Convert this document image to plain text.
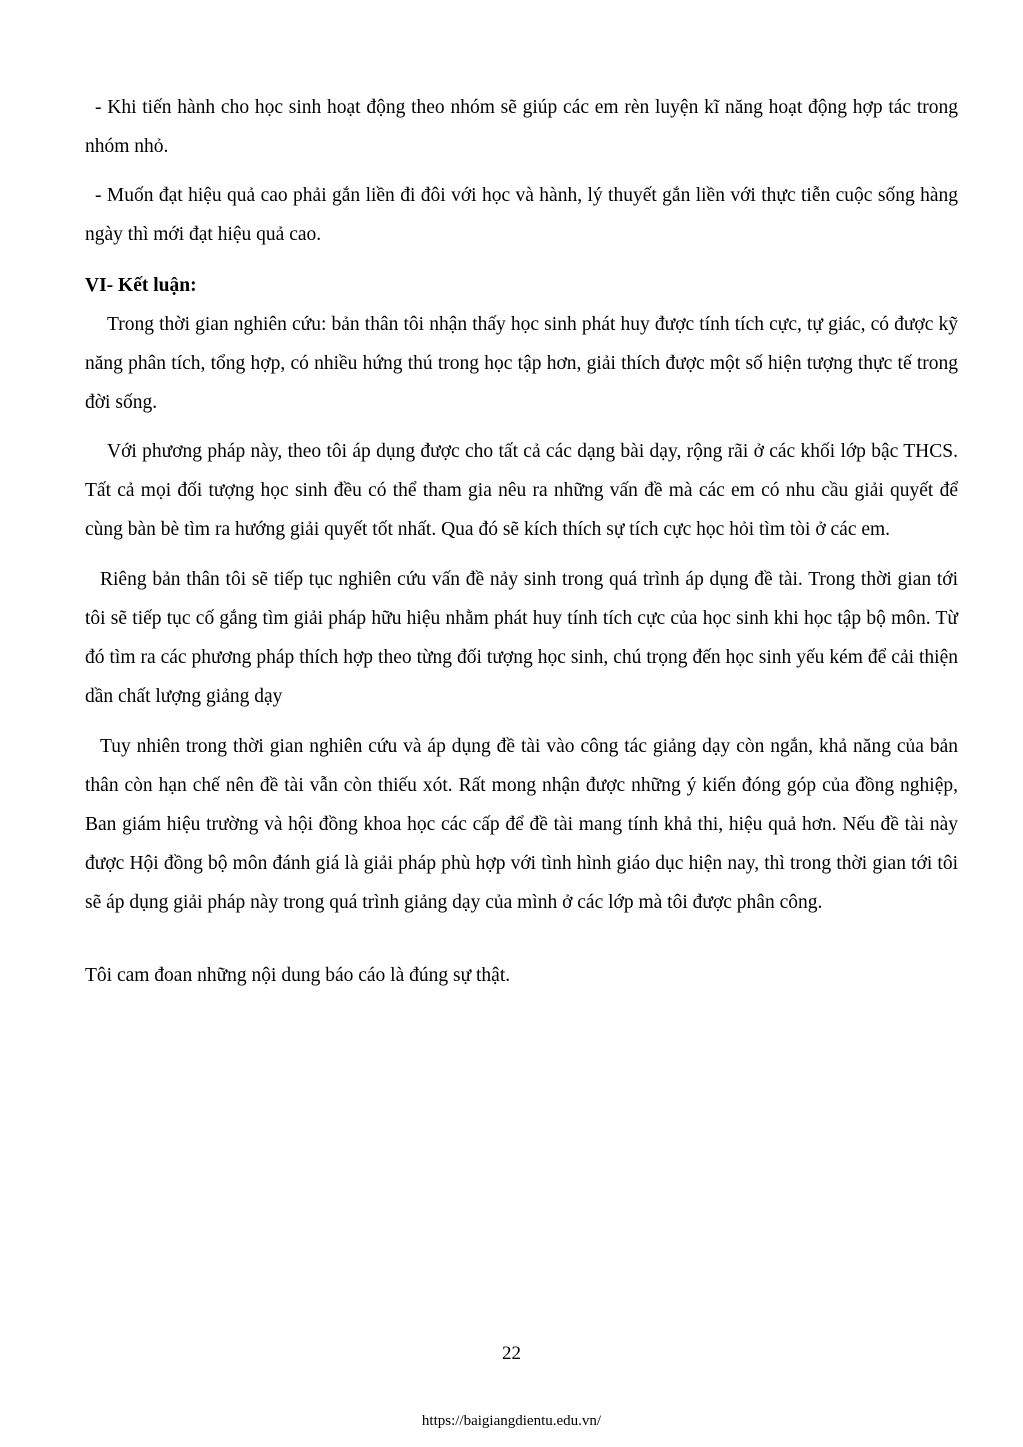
- Khi tiến hành cho học sinh hoạt động theo nhóm sẽ giúp các em rèn luyện kĩ năng hoạt động hợp tác trong nhóm nhỏ.

- Muốn đạt hiệu quả cao phải gắn liền đi đôi với học và hành, lý thuyết gắn liền với thực tiễn cuộc sống hàng ngày thì mới đạt hiệu quả cao.

VI- Kết luận:

Trong thời gian nghiên cứu: bản thân tôi nhận thấy học sinh phát huy được tính tích cực, tự giác, có được kỹ năng phân tích, tổng hợp, có nhiều hứng thú trong học tập hơn, giải thích được một số hiện tượng thực tế trong đời sống.

Với phương pháp này, theo tôi áp dụng được cho tất cả các dạng bài dạy, rộng rãi ở các khối lớp bậc THCS. Tất cả mọi đối tượng học sinh đều có thể tham gia nêu ra những vấn đề mà các em có nhu cầu giải quyết để cùng bàn bè tìm ra hướng giải quyết tốt nhất. Qua đó sẽ kích thích sự tích cực học hỏi tìm tòi ở các em.

Riêng bản thân tôi sẽ tiếp tục nghiên cứu vấn đề nảy sinh trong quá trình áp dụng đề tài. Trong thời gian tới tôi sẽ tiếp tục cố gắng tìm giải pháp hữu hiệu nhằm phát huy tính tích cực của học sinh khi học tập bộ môn. Từ đó tìm ra các phương pháp thích hợp theo từng đối tượng học sinh, chú trọng đến học sinh yếu kém để cải thiện dần chất lượng giảng dạy

Tuy nhiên trong thời gian nghiên cứu và áp dụng đề tài vào công tác giảng dạy còn ngắn, khả năng của bản thân còn hạn chế nên đề tài vẫn còn thiếu xót. Rất mong nhận được những ý kiến đóng góp của đồng nghiệp, Ban giám hiệu trường và hội đồng khoa học các cấp để đề tài mang tính khả thi, hiệu quả hơn. Nếu đề tài này được Hội đồng bộ môn đánh giá là giải pháp phù hợp với tình hình giáo dục hiện nay, thì trong thời gian tới tôi sẽ áp dụng giải pháp này trong quá trình giảng dạy của mình ở các lớp mà tôi được phân công.

Tôi cam đoan những nội dung báo cáo là đúng sự thật.

22

https://baigiangdientu.edu.vn/
